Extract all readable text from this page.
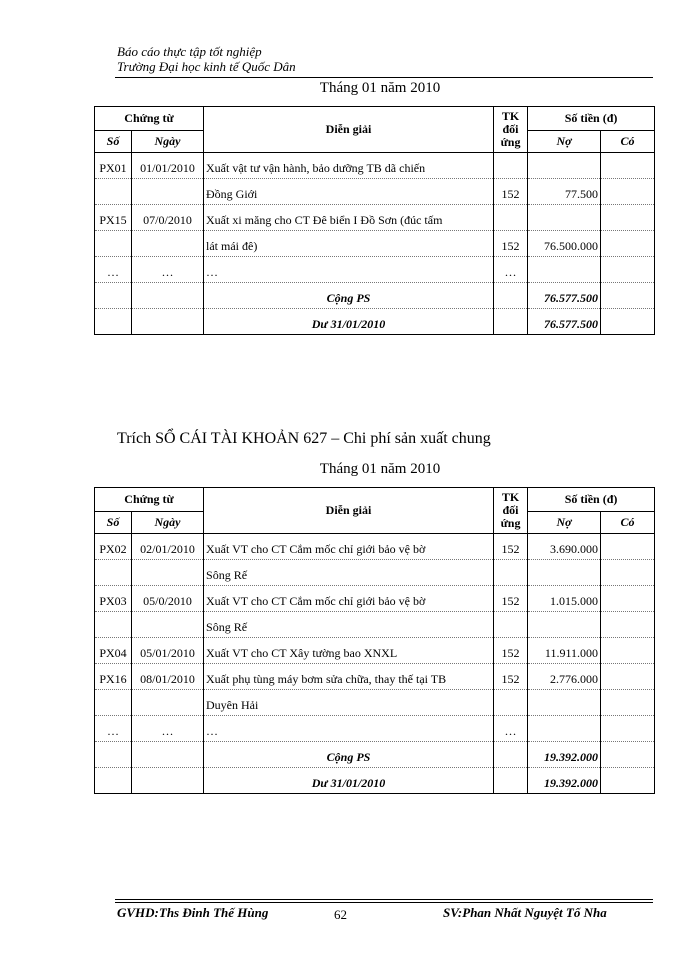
Báo cáo thực tập tốt nghiệp
Trường Đại học kinh tế Quốc Dân
Tháng 01 năm 2010
Chứng từ		Diễn giải	TK
đối
ứng	Số tiền (đ)	
Số	Ngày			Nợ	Có
PX01	01/01/2010	Xuất vật tư vận hành, bảo dưỡng TB dã chiến			
		Đồng Giới	152	77.500	
PX15	07/0/2010	Xuất xi măng cho CT Đê biển I Đồ Sơn (đúc tấm			
		lát mái đê)	152	76.500.000	
…	…	…	…		
		Cộng PS		76.577.500	
		Dư 31/01/2010		76.577.500	
Trích SỔ CÁI TÀI KHOẢN 627 – Chi phí sản xuất chung
Tháng 01 năm 2010
Chứng từ		Diễn giải	TK
đối
ứng	Số tiền (đ)	
Số	Ngày			Nợ	Có
PX02	02/01/2010	Xuất VT cho CT Cắm mốc chỉ giới bảo vệ bờ	152	3.690.000	
		Sông Rế			
PX03	05/0/2010	Xuất VT cho CT Cắm mốc chỉ giới bảo vệ bờ	152	1.015.000	
		Sông Rế			
PX04	05/01/2010	Xuất VT cho CT Xây tường bao XNXL	152	11.911.000	
PX16	08/01/2010	Xuất phụ tùng máy bơm sửa chữa, thay thế tại TB	152	2.776.000	
		Duyên Hải			
…	…	…	…		
		Cộng PS		19.392.000	
		Dư 31/01/2010		19.392.000	
GVHD:Ths Đinh Thế Hùng	62	SV:Phan Nhất Nguyệt Tố Nha
